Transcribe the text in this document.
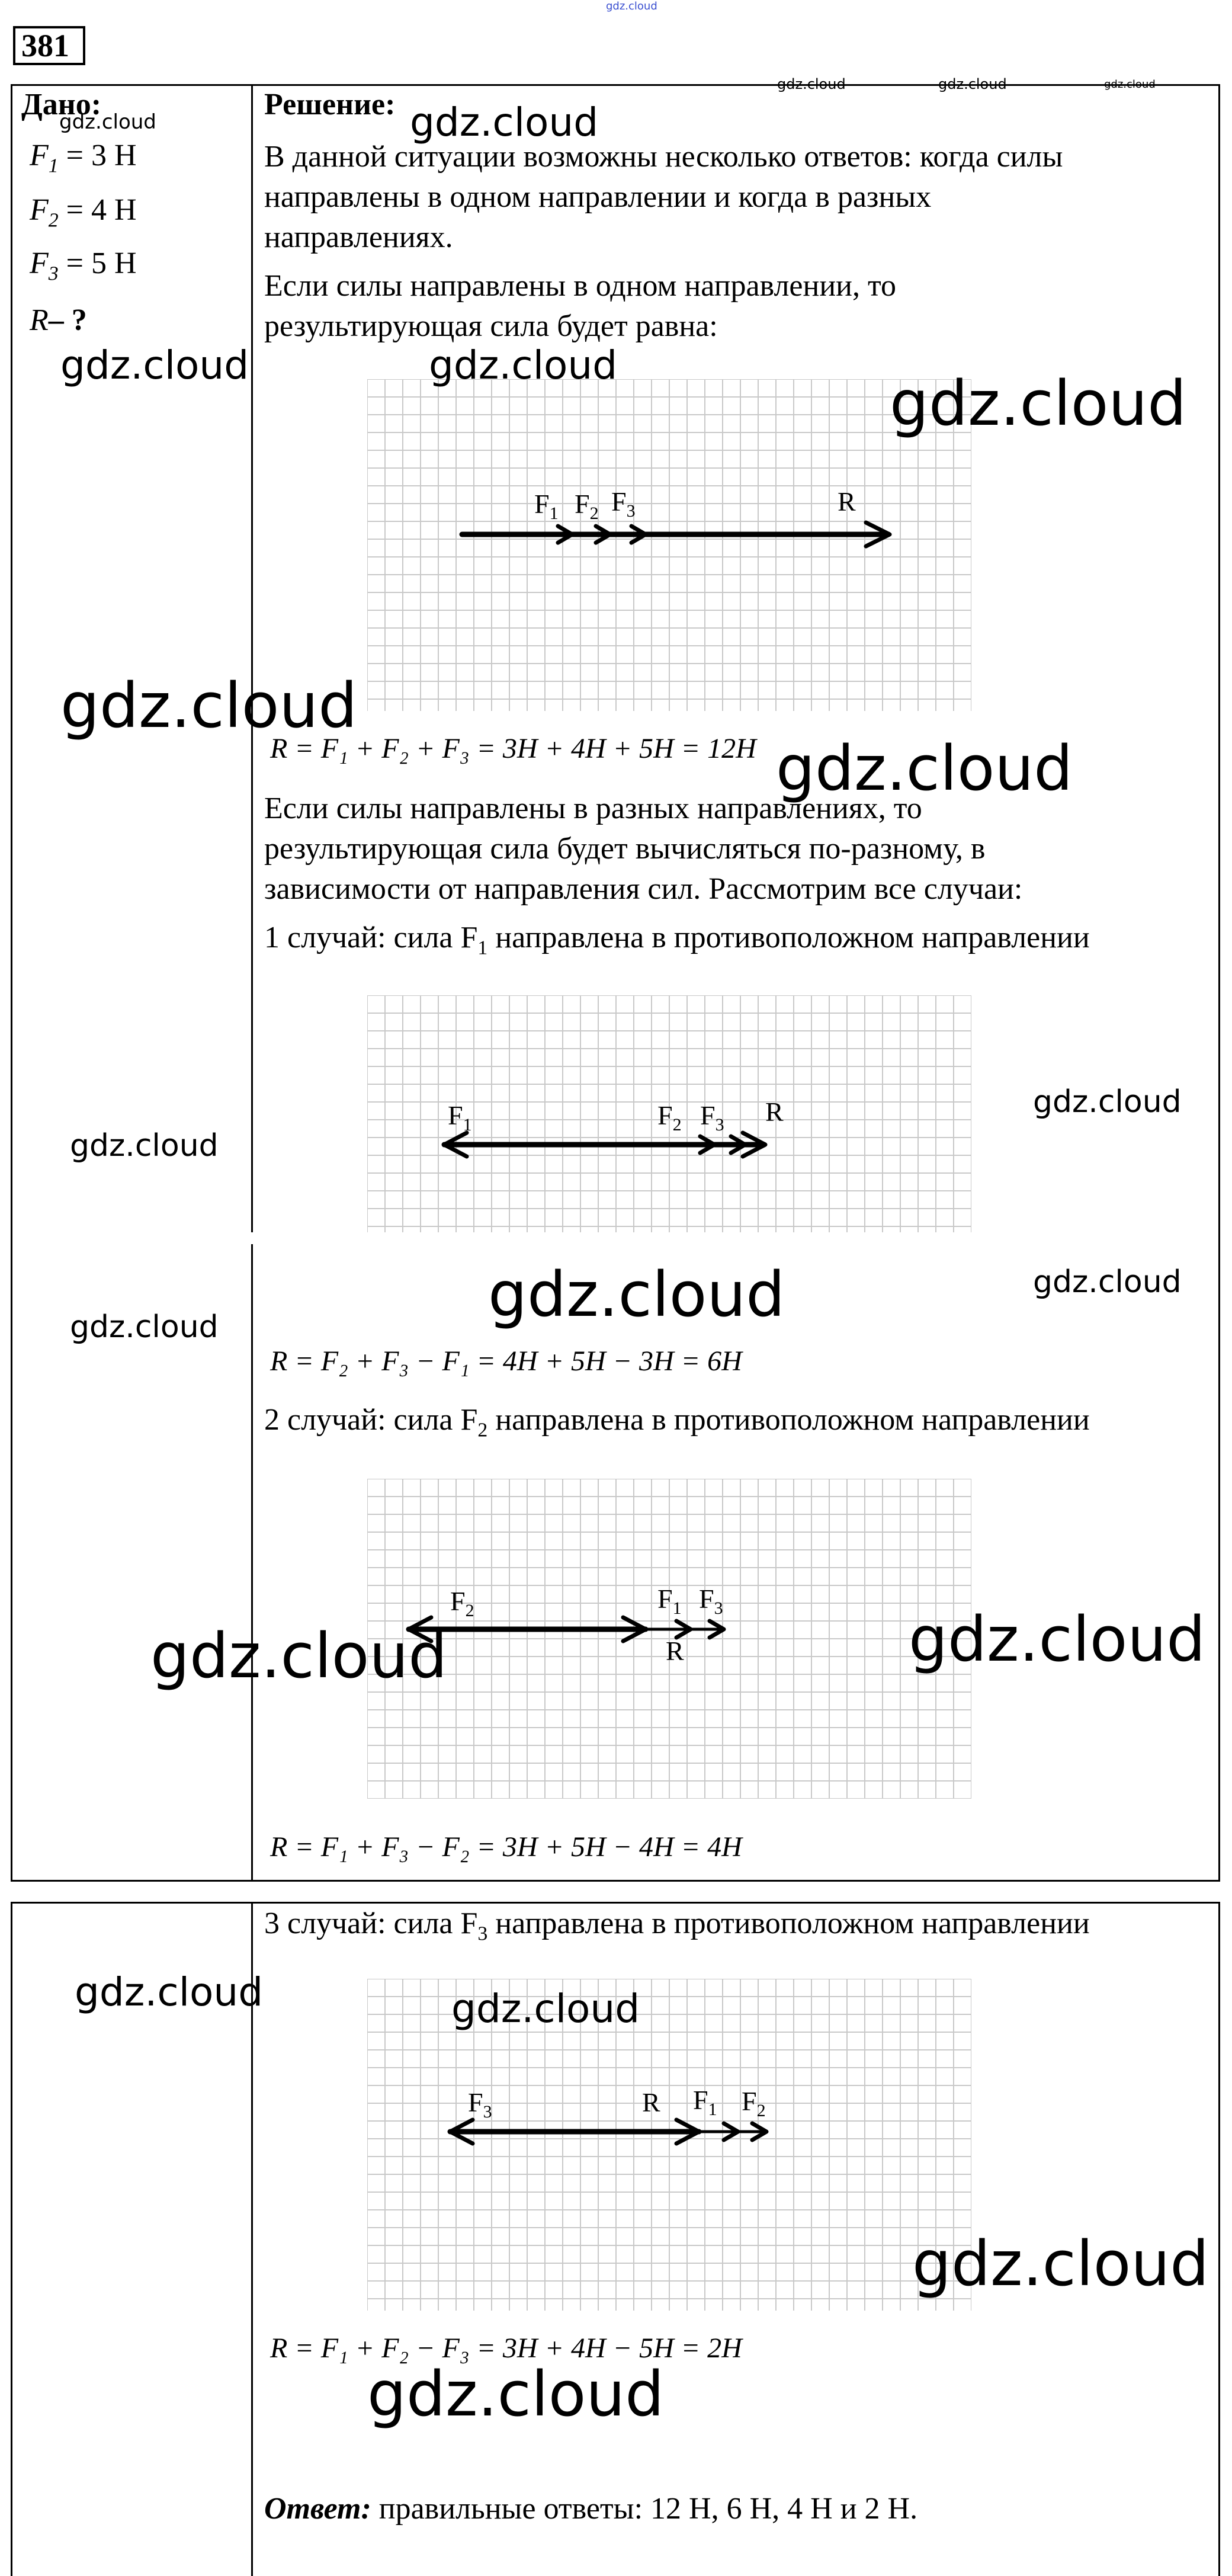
gdz.cloud
381
Дано:
$F_1 = 3$ Н
$F_2 = 4$ Н
$F_3 = 5$ Н
R– ?
Решение:
В данной ситуации возможны несколько ответов: когда силы
направлены в одном направлении и когда в разных
направлениях.
Если силы направлены в одном направлении, то
результирующая сила будет равна:
$F_1$ $F_2$ $F_3$	R
R = F₁ + F₂ + F₃ = 3H + 4H + 5H = 12H
Если силы направлены в разных направлениях, то
результирующая сила будет вычисляться по-разному, в
зависимости от направления сил. Рассмотрим все случаи:
1 случай: сила $F_1$ направлена в противоположном направлении
$F_1$	$F_2$ $F_3$ R
R = F₂ + F₃ − F₁ = 4H + 5H − 3H = 6H
2 случай: сила $F_2$ направлена в противоположном направлении
$F_2$	$F_1$ $F_3$
R
R = F₁ + F₃ − F₂ = 3H + 5H − 4H = 4H
3 случай: сила $F_3$ направлена в противоположном направлении
$F_3$	R $F_1$ $F_2$
R = F₁ + F₂ − F₃ = 3H + 4H − 5H = 2H
Ответ: правильные ответы: 12 Н, 6 Н, 4 Н и 2 Н.
gdz.cloud	gdz.cloud
gdz.cloud	gdz.cloud	gdz.cloud
gdz.cloud	gdz.cloud
gdz.cloud
gdz.cloud
gdz.cloud
gdz.cloud
gdz.cloud
gdz.cloud	gdz.cloud
gdz.cloud
gdz.cloud
gdz.cloud
gdz.cloud	gdz.cloud
gdz.cloud
gdz.cloud
